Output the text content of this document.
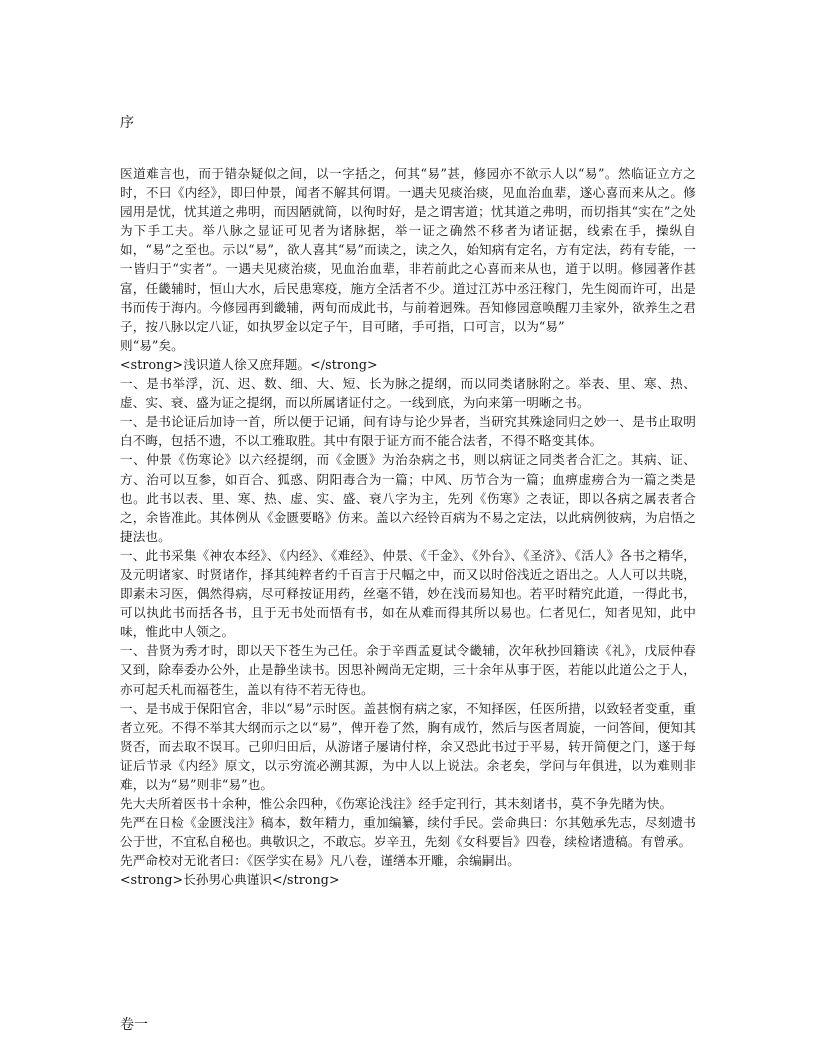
序

医道难言也，而于错杂疑似之间，以一字括之，何其“易”甚，修园亦不欲示人以“易”。然临证立方之时，不曰《内经》，即曰仲景，闻者不解其何谓。一遇夫见痰治痰，见血治血辈，遂心喜而来从之。修园用是忧，忧其道之弗明，而因陋就简，以徇时好，是之谓害道；忧其道之弗明，而切指其“实在”之处为下手工夫。举八脉之显证可见者为诸脉据，举一证之确然不移者为诸证据，线索在手，操纵自如，“易”之至也。示以“易”，欲人喜其“易”而读之，读之久，始知病有定名，方有定法，药有专能，一一皆归于“实者”。一遇夫见痰治痰，见血治血辈，非若前此之心喜而来从也，道于以明。修园著作甚富，任畿辅时，恒山大水，后民患寒疫，施方全活者不少。道过江苏中丞汪稼门，先生阅而许可，出是书而传于海内。今修园再到畿辅，两旬而成此书，与前着迥殊。吾知修园意唤醒刀圭家外，欲养生之君子，按八脉以定八证，如执罗金以定子午，目可睹，手可指，口可言，以为“易”

则“易”矣。

<strong>浅识道人徐又庶拜题。</strong>

一、是书举浮，沉、迟、数、细、大、短、长为脉之提纲，而以同类诸脉附之。举表、里、寒、热、虚、实、衰、盛为证之提纲，而以所属诸证付之。一线到底，为向来第一明晰之书。

一、是书论证后加诗一首，所以便于记诵，间有诗与论少异者，当研究其殊途同归之妙一、是书止取明白不晦，包括不遗，不以工雅取胜。其中有限于证方而不能合法者，不得不略变其体。

一、仲景《伤寒论》以六经提纲，而《金匮》为治杂病之书，则以病证之同类者合汇之。其病、证、方、治可以互参，如百合、狐惑、阴阳毒合为一篇；中风、历节合为一篇；血痹虚痨合为一篇之类是也。此书以表、里、寒、热、虚、实、盛、衰八字为主，先列《伤寒》之表证，即以各病之属表者合之，余皆准此。其体例从《金匮要略》仿来。盖以六经铃百病为不易之定法，以此病例彼病，为启悟之捷法也。

一、此书采集《神农本经》、《内经》、《难经》、仲景、《千金》、《外台》、《圣济》、《活人》各书之精华，及元明诸家、时贤诸作，择其纯粹者约千百言于尺幅之中，而又以时俗浅近之语出之。人人可以共晓，即素未习医，偶然得病，尽可释按证用药，丝毫不错，妙在浅而易知也。若平时精究此道，一得此书，可以执此书而括各书，且于无书处而悟有书，如在从难而得其所以易也。仁者见仁，知者见知，此中味，惟此中人领之。

一、昔贤为秀才时，即以天下苍生为己任。余于辛酉孟夏试令畿辅，次年秋抄回籍读《礼》，戊辰仲春又到，除奉委办公外，止是静坐读书。因思补阙尚无定期，三十余年从事于医，若能以此道公之于人，亦可起夭札而福苍生，盖以有待不若无待也。

一、是书成于保阳官舍，非以“易”示时医。盖甚悯有病之家，不知择医，任医所措，以致轻者变重，重者立死。不得不举其大纲而示之以“易”，俾开卷了然，胸有成竹，然后与医者周旋，一问答间，便知其贤否，而去取不误耳。己卯归田后，从游诸子屡请付梓，余又恐此书过于平易，转开简便之门，遂于每证后节录《内经》原文，以示穷流必溯其源，为中人以上说法。余老矣，学问与年俱进，以为难则非难，以为“易”则非“易”也。

先大夫所着医书十余种，惟公余四种，《伤寒论浅注》经手定刊行，其未刻诸书，莫不争先睹为快。

先严在日检《金匮浅注》稿本，数年精力，重加编纂，续付手民。尝命典曰：尔其勉承先志，尽刻遗书公于世，不宜私自秘也。典敬识之，不敢忘。岁辛丑，先刻《女科要旨》四卷，续检诸遗稿。有曾承。

先严命校对无讹者曰：《医学实在易》凡八卷，谨缮本开雕，余编嗣出。

<strong>长孙男心典谨识</strong>

卷一
